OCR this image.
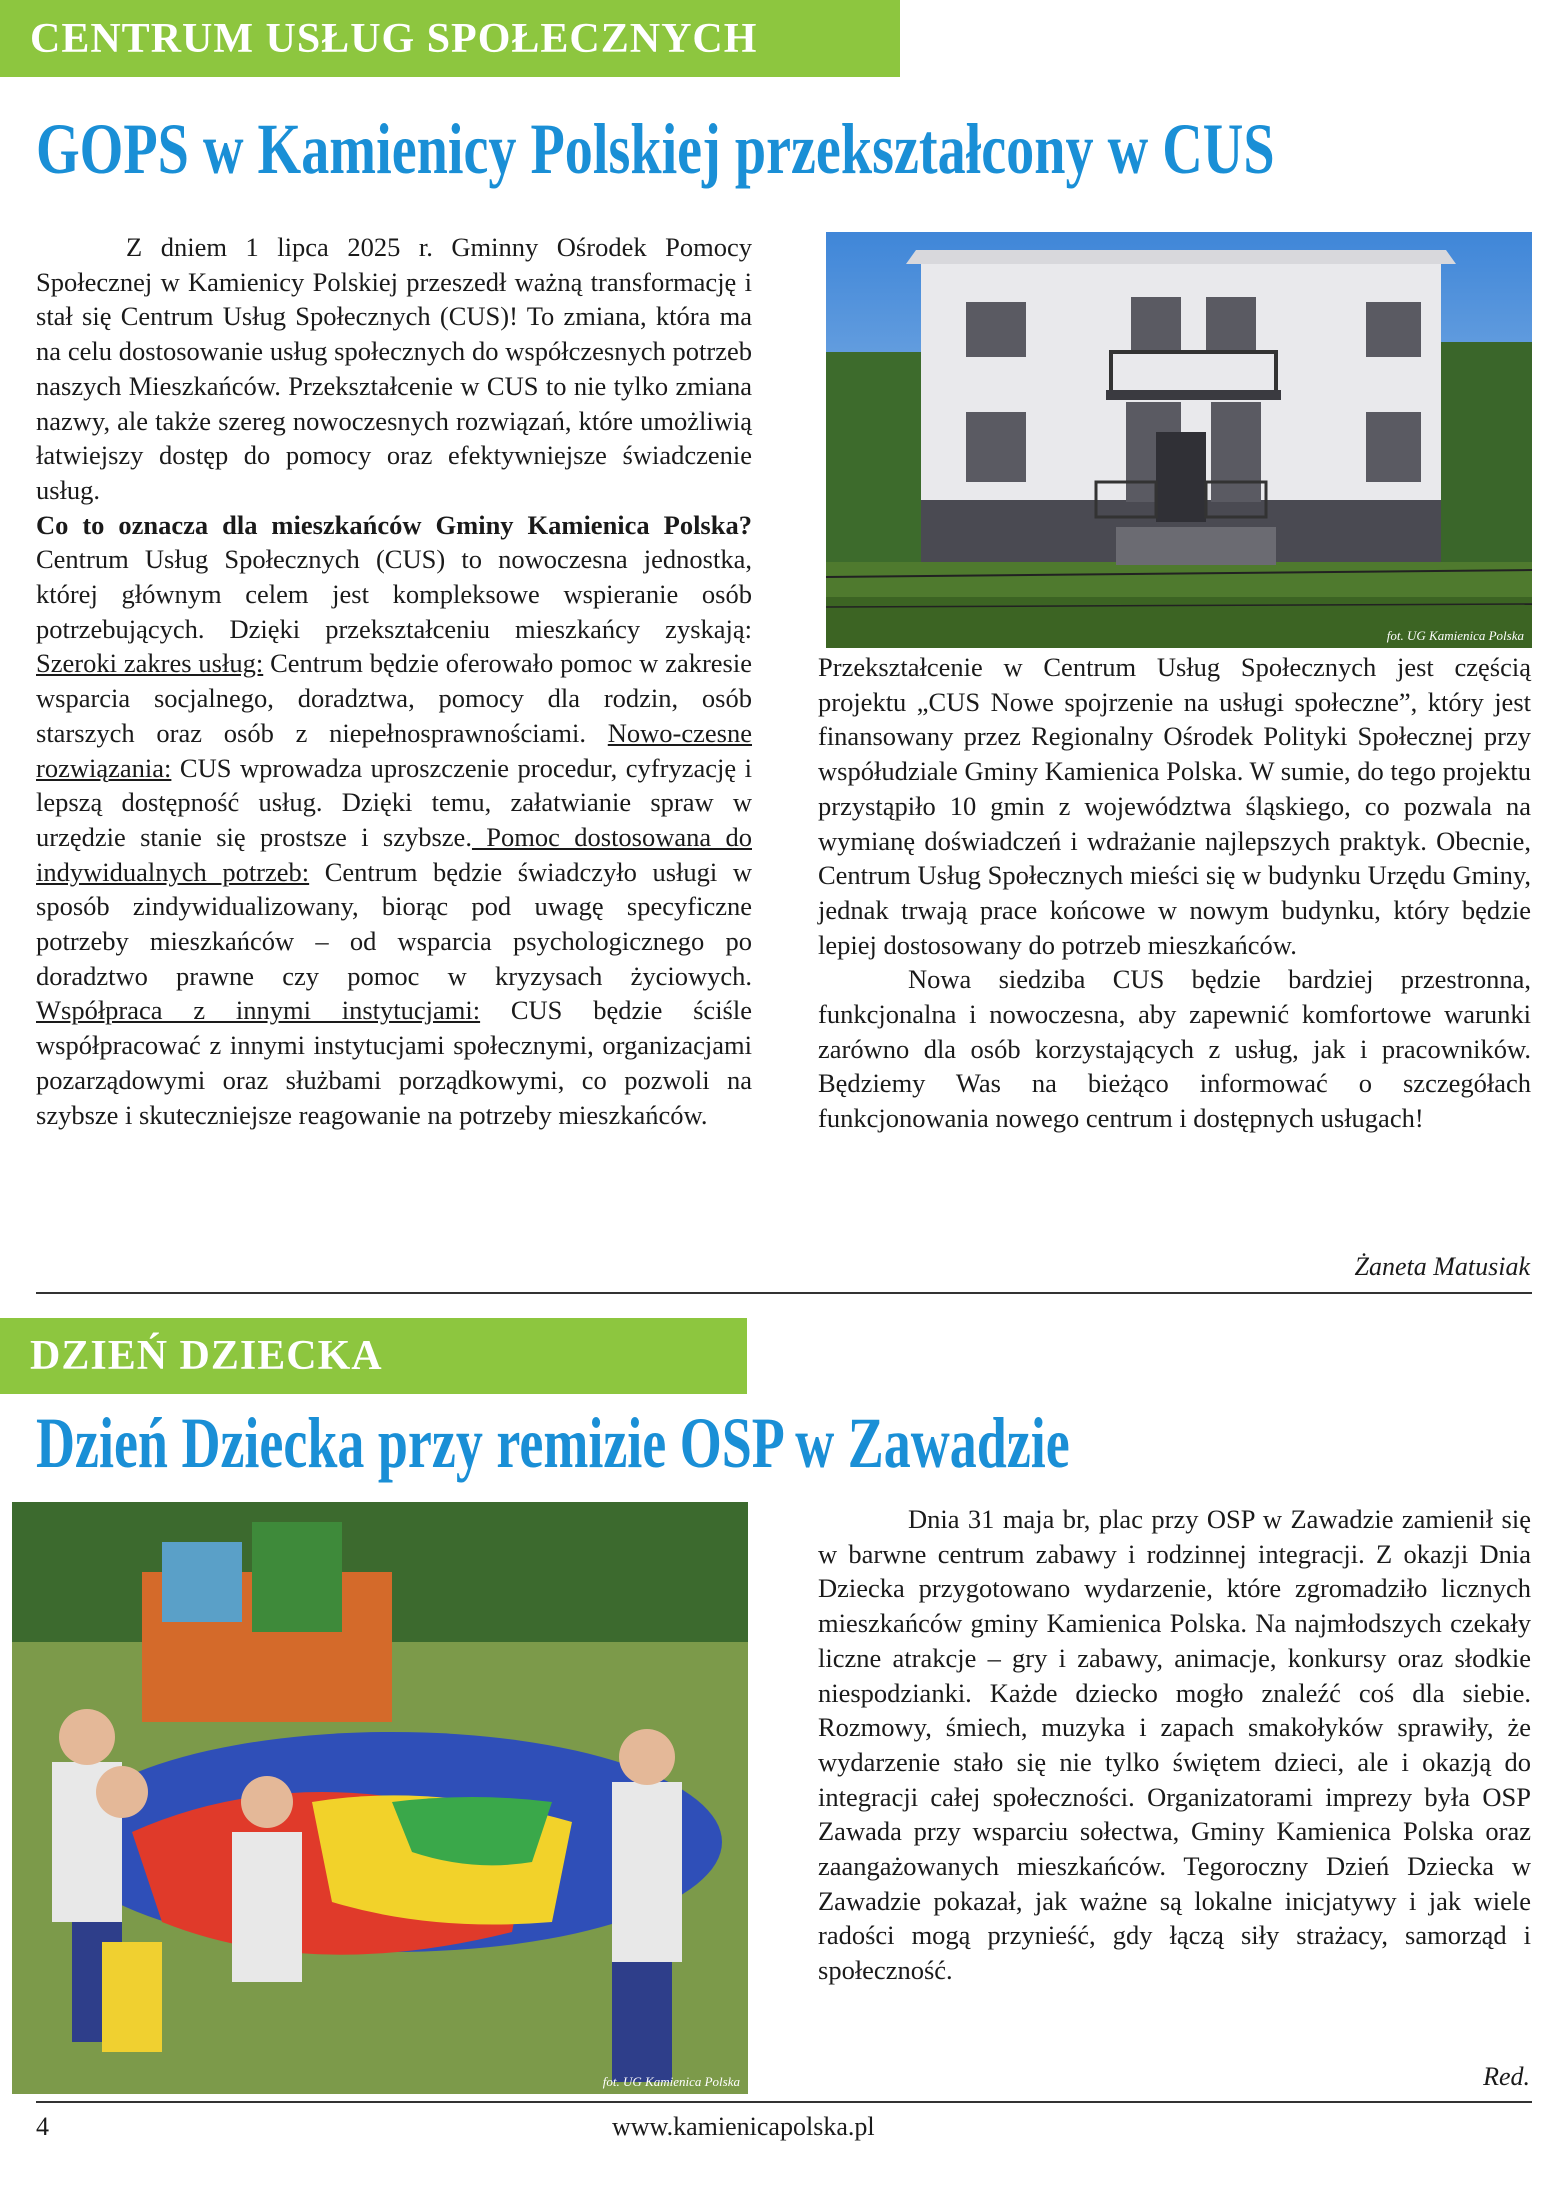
CENTRUM USŁUG SPOŁECZNYCH
GOPS w Kamienicy Polskiej przekształcony w CUS

Z dniem 1 lipca 2025 r. Gminny Ośrodek Pomocy Społecznej w Kamienicy Polskiej przeszedł ważną transformację i stał się Centrum Usług Społecznych (CUS)! To zmiana, która ma na celu dostosowanie usług społecznych do współczesnych potrzeb naszych Mieszkańców. Przekształcenie w CUS to nie tylko zmiana nazwy, ale także szereg nowoczesnych rozwiązań, które umożliwią łatwiejszy dostęp do pomocy oraz efektywniejsze świadczenie usług.

Co to oznacza dla mieszkańców Gminy Kamienica Polska? Centrum Usług Społecznych (CUS) to nowoczesna jednostka, której głównym celem jest kompleksowe wspieranie osób potrzebujących. Dzięki przekształceniu mieszkańcy zyskają: Szeroki zakres usług: Centrum będzie oferowało pomoc w zakresie wsparcia socjalnego, doradztwa, pomocy dla rodzin, osób starszych oraz osób z niepełnosprawnościami. Nowo-czesne rozwiązania: CUS wprowadza uproszczenie procedur, cyfryzację i lepszą dostępność usług. Dzięki temu, załatwianie spraw w urzędzie stanie się prostsze i szybsze. Pomoc dostosowana do indywidualnych potrzeb: Centrum będzie świadczyło usługi w sposób zindywidualizowany, biorąc pod uwagę specyficzne potrzeby mieszkańców – od wsparcia psychologicznego po doradztwo prawne czy pomoc w kryzysach życiowych. Współpraca z innymi instytucjami: CUS będzie ściśle współpracować z innymi instytucjami społecznymi, organizacjami pozarządowymi oraz służbami porządkowymi, co pozwoli na szybsze i skuteczniejsze reagowanie na potrzeby mieszkańców.

fot. UG Kamienica Polska

Przekształcenie w Centrum Usług Społecznych jest częścią projektu „CUS Nowe spojrzenie na usługi społeczne”, który jest finansowany przez Regionalny Ośrodek Polityki Społecznej przy współudziale Gminy Kamienica Polska. W sumie, do tego projektu przystąpiło 10 gmin z województwa śląskiego, co pozwala na wymianę doświadczeń i wdrażanie najlepszych praktyk. Obecnie, Centrum Usług Społecznych mieści się w budynku Urzędu Gminy, jednak trwają prace końcowe w nowym budynku, który będzie lepiej dostosowany do potrzeb mieszkańców.

Nowa siedziba CUS będzie bardziej przestronna, funkcjonalna i nowoczesna, aby zapewnić komfortowe warunki zarówno dla osób korzystających z usług, jak i pracowników. Będziemy Was na bieżąco informować o szczegółach funkcjonowania nowego centrum i dostępnych usługach!

Żaneta Matusiak
DZIEŃ DZIECKA
Dzień Dziecka przy remizie OSP w Zawadzie
fot. UG Kamienica Polska

Dnia 31 maja br, plac przy OSP w Zawadzie zamienił się w barwne centrum zabawy i rodzinnej integracji. Z okazji Dnia Dziecka przygotowano wydarzenie, które zgromadziło licznych mieszkańców gminy Kamienica Polska. Na najmłodszych czekały liczne atrakcje – gry i zabawy, animacje, konkursy oraz słodkie niespodzianki. Każde dziecko mogło znaleźć coś dla siebie. Rozmowy, śmiech, muzyka i zapach smakołyków sprawiły, że wydarzenie stało się nie tylko świętem dzieci, ale i okazją do integracji całej społeczności. Organizatorami imprezy była OSP Zawada przy wsparciu sołectwa, Gminy Kamienica Polska oraz zaangażowanych mieszkańców. Tegoroczny Dzień Dziecka w Zawadzie pokazał, jak ważne są lokalne inicjatywy i jak wiele radości mogą przynieść, gdy łączą siły strażacy, samorząd i społeczność.

Red.
4	www.kamienicapolska.pl
